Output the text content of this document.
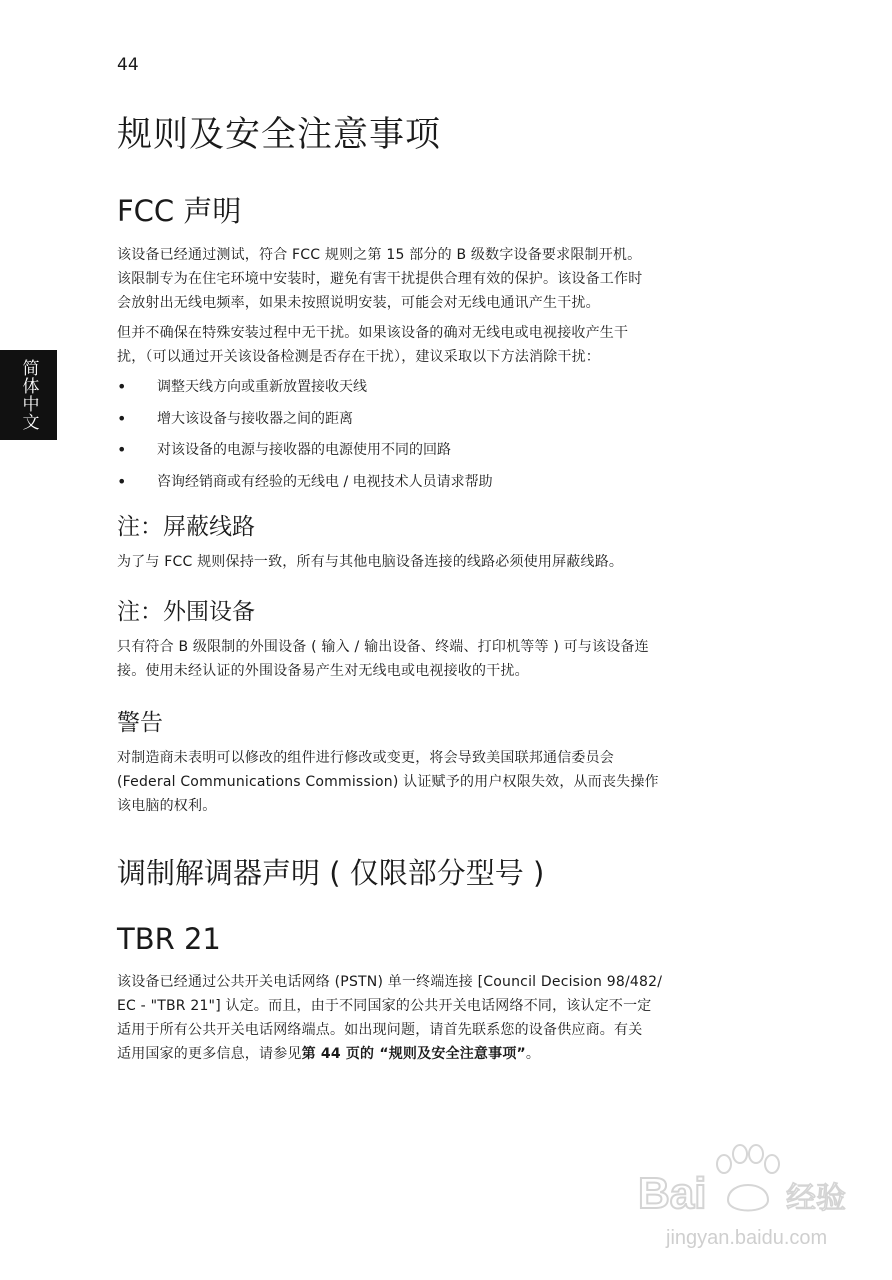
44
简体中文
规则及安全注意事项
FCC 声明

该设备已经通过测试，符合 FCC 规则之第 15 部分的 B 级数字设备要求限制开机。

该限制专为在住宅环境中安装时，避免有害干扰提供合理有效的保护。该设备工作时

会放射出无线电频率，如果未按照说明安装，可能会对无线电通讯产生干扰。

但并不确保在特殊安装过程中无干扰。如果该设备的确对无线电或电视接收产生干

扰，（可以通过开关该设备检测是否存在干扰），建议采取以下方法消除干扰：

• 调整天线方向或重新放置接收天线
• 增大该设备与接收器之间的距离
• 对该设备的电源与接收器的电源使用不同的回路
• 咨询经销商或有经验的无线电 / 电视技术人员请求帮助
注：屏蔽线路

为了与 FCC 规则保持一致，所有与其他电脑设备连接的线路必须使用屏蔽线路。

注：外围设备

只有符合 B 级限制的外围设备 ( 输入 / 输出设备、终端、打印机等等 ) 可与该设备连

接。使用未经认证的外围设备易产生对无线电或电视接收的干扰。

警告

对制造商未表明可以修改的组件进行修改或变更，将会导致美国联邦通信委员会

(Federal Communications Commission) 认证赋予的用户权限失效，从而丧失操作

该电脑的权利。

调制解调器声明 ( 仅限部分型号 )
TBR 21

该设备已经通过公共开关电话网络 (PSTN) 单一终端连接 [Council Decision 98/482/

EC - "TBR 21"] 认定。而且，由于不同国家的公共开关电话网络不同，该认定不一定

适用于所有公共开关电话网络端点。如出现问题，请首先联系您的设备供应商。有关

适用国家的更多信息，请参见第 44 页的 “规则及安全注意事项”。

Bai	经验
jingyan.baidu.com
